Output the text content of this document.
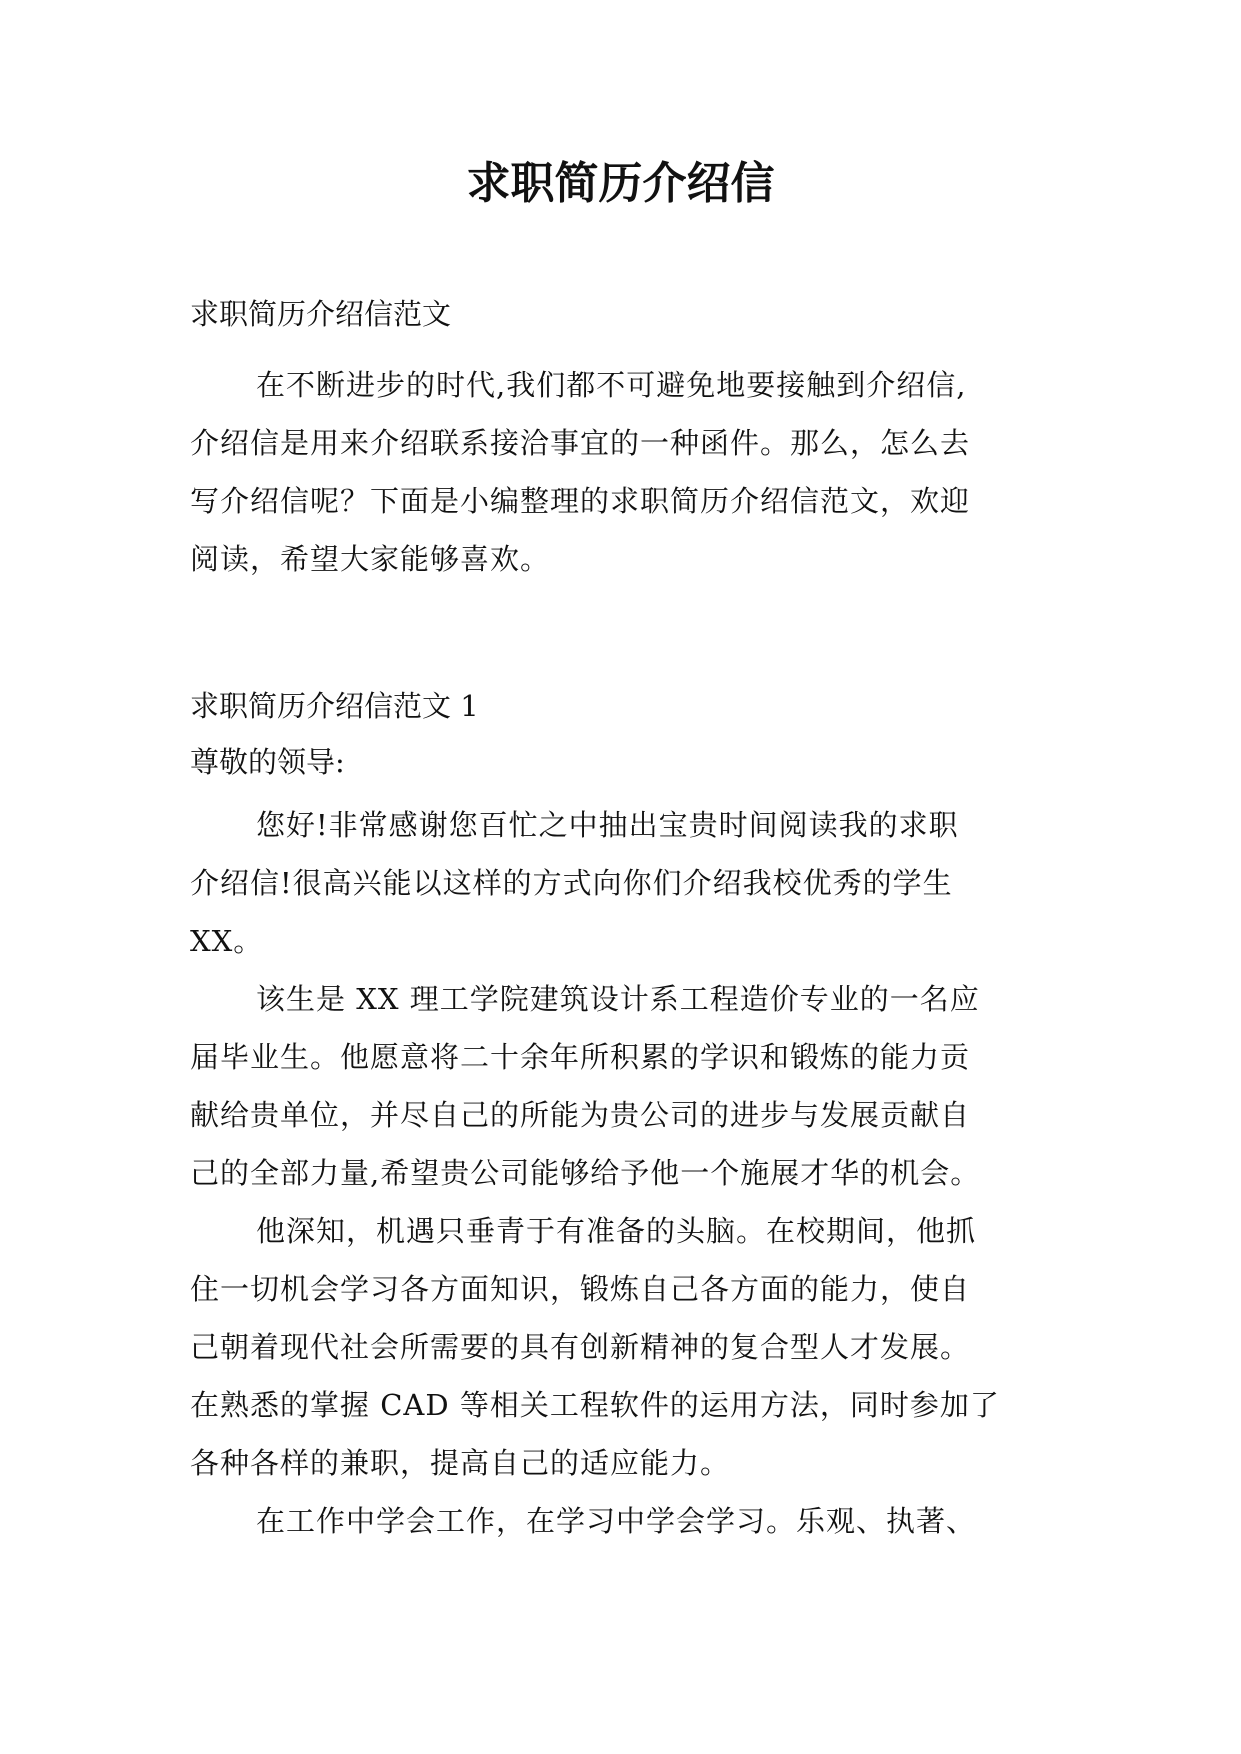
求职简历介绍信

求职简历介绍信范文

在不断进步的时代,我们都不可避免地要接触到介绍信,
介绍信是用来介绍联系接洽事宜的一种函件。那么，怎么去
写介绍信呢？下面是小编整理的求职简历介绍信范文，欢迎
阅读，希望大家能够喜欢。

求职简历介绍信范文 1

尊敬的领导:

您好!非常感谢您百忙之中抽出宝贵时间阅读我的求职
介绍信!很高兴能以这样的方式向你们介绍我校优秀的学生
XX。
该生是 XX 理工学院建筑设计系工程造价专业的一名应
届毕业生。他愿意将二十余年所积累的学识和锻炼的能力贡
献给贵单位，并尽自己的所能为贵公司的进步与发展贡献自
己的全部力量,希望贵公司能够给予他一个施展才华的机会。
他深知，机遇只垂青于有准备的头脑。在校期间，他抓
住一切机会学习各方面知识，锻炼自己各方面的能力，使自
己朝着现代社会所需要的具有创新精神的复合型人才发展。
在熟悉的掌握 CAD 等相关工程软件的运用方法，同时参加了
各种各样的兼职，提高自己的适应能力。
在工作中学会工作，在学习中学会学习。乐观、执著、
